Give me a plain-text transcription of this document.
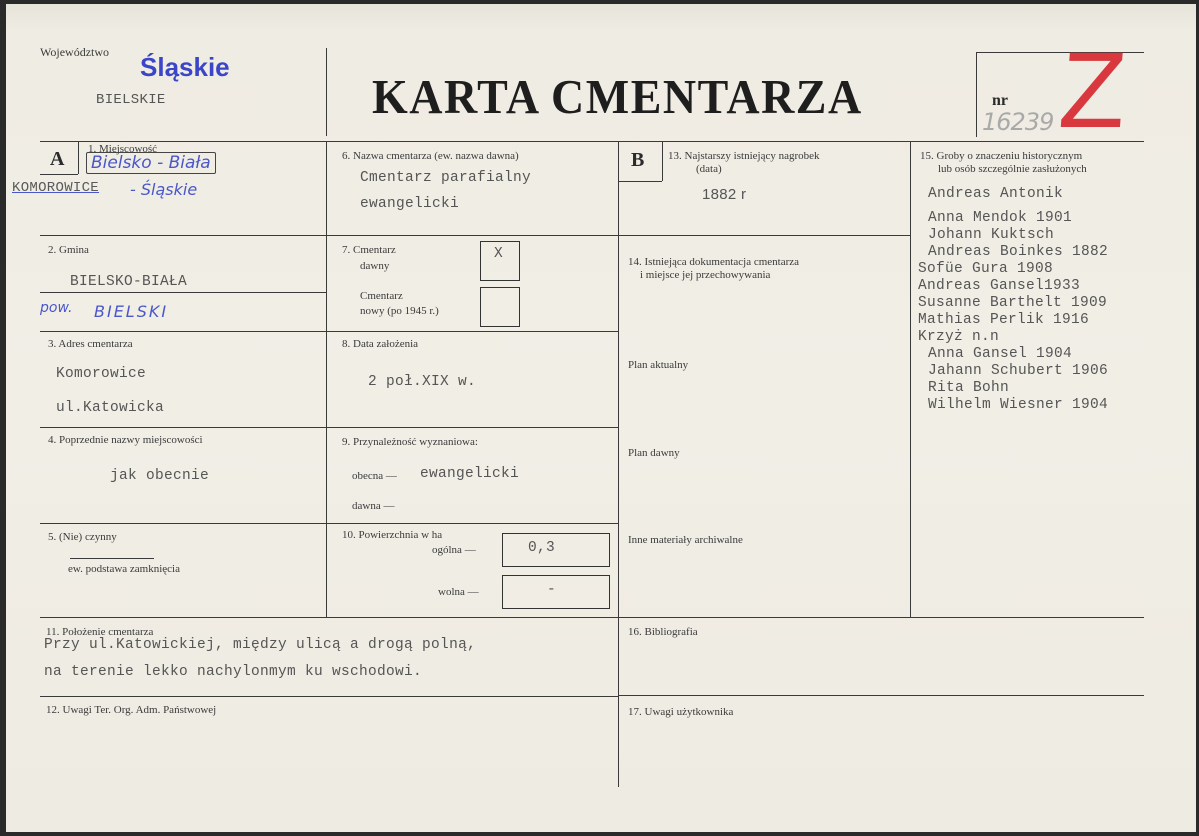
Województwo Śląskie
BIELSKIE	KARTA CMENTARZA	nr
16239 Z
A 1. Miejscowość
Bielsko - Biała
KOMOROWICE - Śląskie
2. Gmina
BIELSKO-BIAŁA
pow. BIELSKI
3. Adres cmentarza
Komorowice
ul.Katowicka
4. Poprzednie nazwy miejscowości
jak obecnie
5. (Nie) czynny
ew. podstawa zamknięcia
6. Nazwa cmentarza (ew. nazwa dawna)
Cmentarz parafialny
ewangelicki
7. Cmentarz
dawny
X
Cmentarz
nowy (po 1945 r.)
8. Data założenia
2 poł.XIX w.
9. Przynależność wyznaniowa:
obecna — ewangelicki
dawna —
10. Powierzchnia w ha
ogólna —	0,3
wolna —	-
11. Położenie cmentarza
Przy ul.Katowickiej, między ulicą a drogą polną,
na terenie lekko nachylonmym ku wschodowi.
12. Uwagi Ter. Org. Adm. Państwowej
B 13. Najstarszy istniejący nagrobek
(data)
1882 r
14. Istniejąca dokumentacja cmentarza
i miejsce jej przechowywania
Plan aktualny
Plan dawny
Inne materiały archiwalne
15. Groby o znaczeniu historycznym
lub osób szczególnie zasłużonych
Andreas Antonik
Anna Mendok 1901
Johann Kuktsch
Andreas Boinkes 1882
Sofüe Gura 1908
Andreas Gansel1933
Susanne Barthelt 1909
Mathias Perlik 1916
Krzyż n.n
Anna Gansel 1904
Jahann Schubert 1906
Rita Bohn
Wilhelm Wiesner 1904
16. Bibliografia
17. Uwagi użytkownika
